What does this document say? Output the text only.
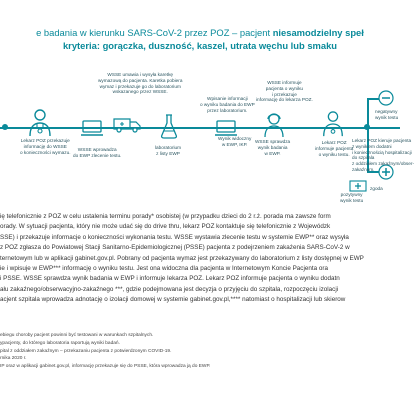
e badania w kierunku SARS-CoV-2 przez POZ – pacjent niesamodzielny speł
kryteria: gorączka, duszność, kaszel, utrata węchu lub smaku
Lekarz POZ przekazuje
informację do WSSE
o konieczności wymazu.
WSSE wprowadza
do EWP zlecenie testu.
WSSE umawia i wysyła karetkę
wymazową do pacjenta. Karetka pobiera
wymaz i przekazuje go do laboratorium
wskazanego przez WSSE.
laboratorium
z listy EWP
Wpisanie informacji
o wyniku badania do EWP
przez laboratorium.
Wynik widoczny
w EWP, IKP.
WSSE informuje
pacjenta o wyniku
i przekazuje
informację do lekarza POZ.
WSSE sprawdza
wynik badania
w EWP.
Lekarz POZ
informuje pacjenta
o wyniku testu.
negatywny
wynik testu
Lekarz POZ kieruje pacjenta
z wynikiem dodatni
i koniecznością hospitalizacji
do szpitala
z oddziałem zakaźnym/obser-
zakaźnym.
pozytywny
wynik testu
zgoda
ię telefonicznie z POZ w celu ustalenia terminu porady* osobistej (w przypadku dzieci do 2 r.ż. porada ma zawsze form
orady. W sytuacji pacjenta, który nie może udać się do drive thru, lekarz POZ kontaktuje się telefonicznie z Wojewódzk
SSE) i przekazuje informacje o konieczności wykonania testu. WSSE wystawia zlecenie testu w systemie EWP** oraz wysyła
z POZ zgłasza do Powiatowej Stacji Sanitarno-Epidemiologicznej (PSSE) pacjenta z podejrzeniem zakażenia SARS-CoV-2 w
ternetowym lub w aplikacji gabinet.gov.pl. Pobrany od pacjenta wymaz jest przekazywany do laboratorium z listy dostępnej w EWP
ie i wpisuje w EWP*** informację o wyniku testu. Jest ona widoczna dla pacjenta w Internetowym Koncie Pacjenta ora
i PSSE. WSSE sprawdza wynik badania w EWP i informuje lekarza POZ. Lekarz POZ informuje pacjenta o wyniku dodatn
ału zakaźnego/obserwacyjno-zakaźnego ***, gdzie podejmowana jest decyzja o przyjęciu do szpitala, rozpoczęciu izolacji
acjent szpitala wprowadza adnotację o izolacji domowej w systemie gabinet.gov.pl,**** natomiast o hospitalizacji lub skierow
ebiegu choroby pacjent powinni być testowani w warunkach szpitalnych.
ypacjenty, do którego laboratoria raportują wyniki badań.
pital z oddziałem zakaźnym – przekazaniu pacjenta z potwierdzonym COVID-19.
rnika 2020 r.
IP oraz w aplikacji gabinet.gov.pl, informację przekazuje się do PSSE, która wprowadza ją do EWP.
